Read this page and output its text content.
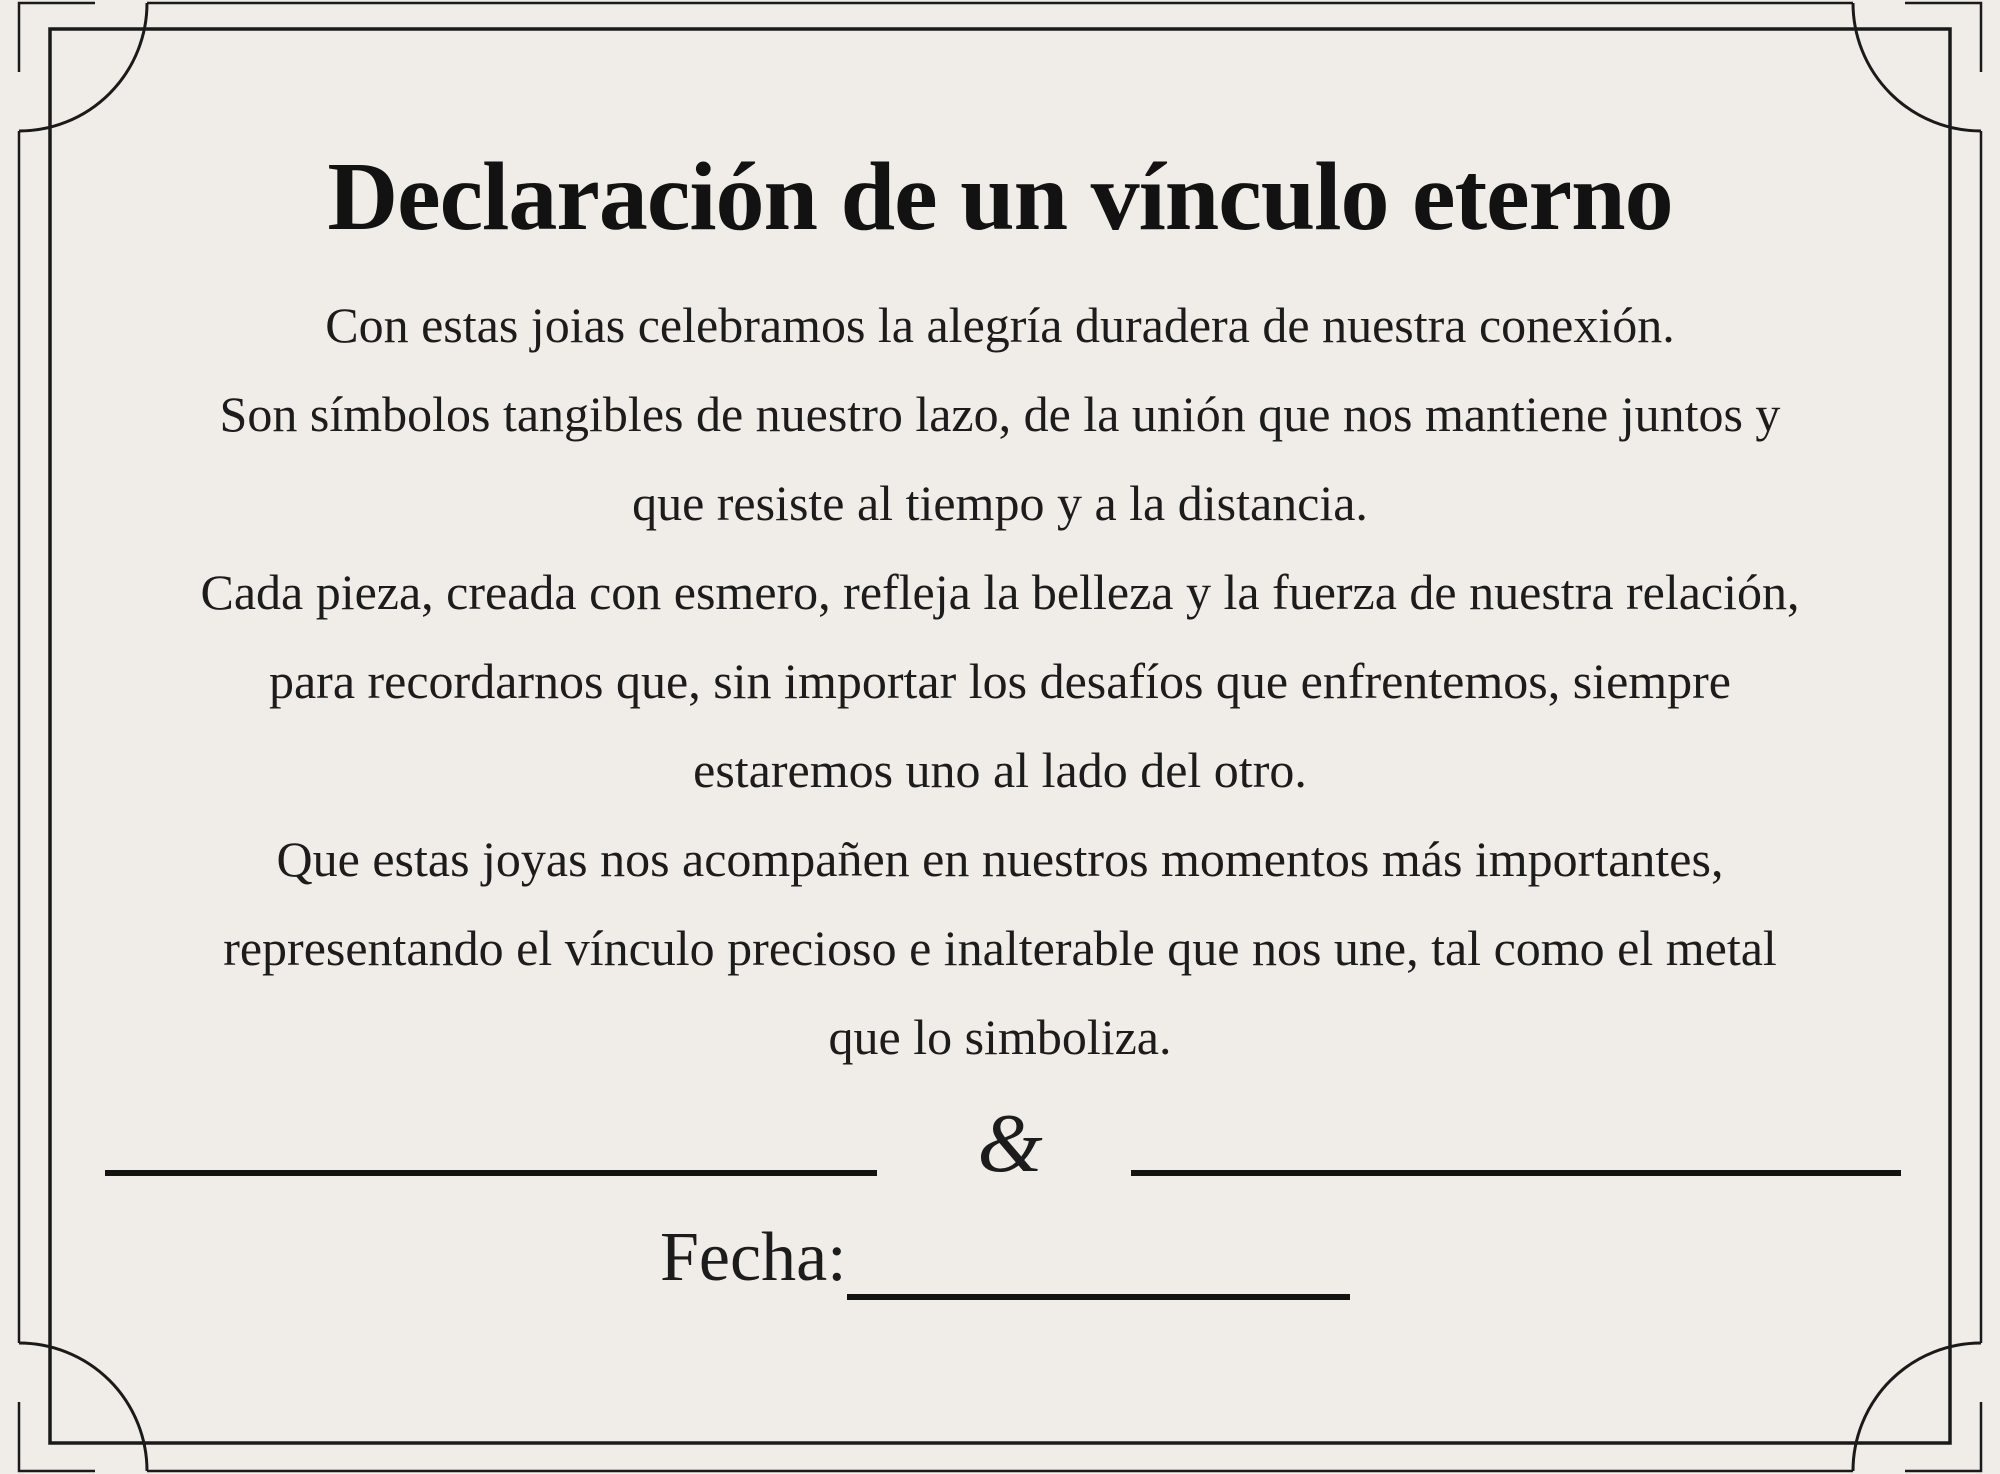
Declaración de un vínculo eterno
Con estas joias celebramos la alegría duradera de nuestra conexión.
Son símbolos tangibles de nuestro lazo, de la unión que nos mantiene juntos y
que resiste al tiempo y a la distancia.
Cada pieza, creada con esmero, refleja la belleza y la fuerza de nuestra relación,
para recordarnos que, sin importar los desafíos que enfrentemos, siempre
estaremos uno al lado del otro.
Que estas joyas nos acompañen en nuestros momentos más importantes,
representando el vínculo precioso e inalterable que nos une, tal como el metal
que lo simboliza.
&
Fecha:
